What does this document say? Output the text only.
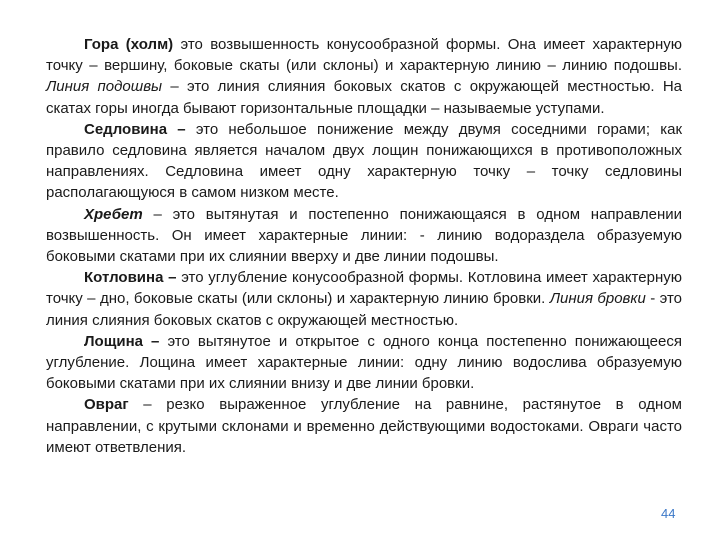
Гора (холм) это возвышенность конусообразной формы. Она имеет характерную точку – вершину, боковые скаты (или склоны) и характерную линию – линию подошвы. Линия подошвы – это линия слияния боковых скатов с окружающей местностью. На скатах горы иногда бывают горизонтальные площадки – называемые уступами.

Седловина – это небольшое понижение между двумя соседними горами; как правило седловина является началом двух лощин понижающихся в противоположных направлениях. Седловина имеет одну характерную точку – точку седловины располагающуюся в самом низком месте.

Хребет – это вытянутая и постепенно понижающаяся в одном направлении возвышенность. Он имеет характерные линии: - линию водораздела образуемую боковыми скатами при их слиянии вверху и две линии подошвы.

Котловина – это углубление конусообразной формы. Котловина имеет характерную точку – дно, боковые скаты (или склоны) и характерную линию бровки. Линия бровки - это линия слияния боковых скатов с окружающей местностью.

Лощина – это вытянутое и открытое с одного конца постепенно понижающееся углубление. Лощина имеет характерные линии: одну линию водослива образуемую боковыми скатами при их слиянии внизу и две линии бровки.

Овраг – резко выраженное углубление на равнине, растянутое в одном направлении, с крутыми склонами и временно действующими водостоками. Овраги часто имеют ответвления.

44
